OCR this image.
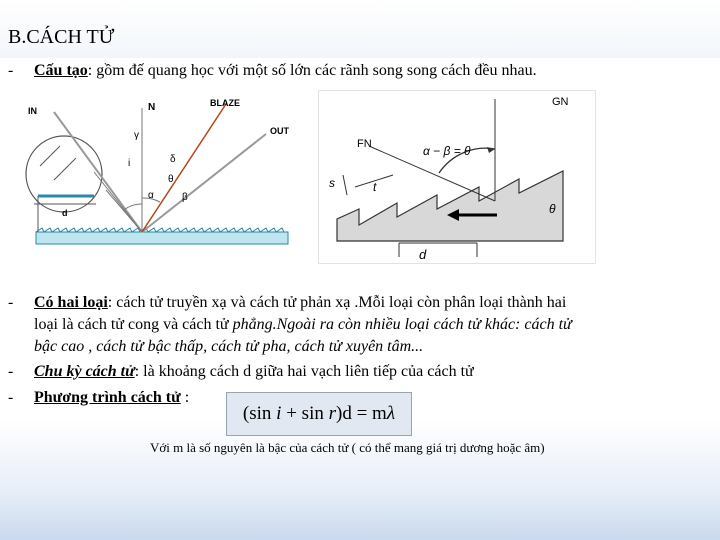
B.CÁCH TỬ
-	Cấu tạo: gồm đế quang học với một số lớn các rãnh song song cách đều nhau.
d
IN	N	BLAZE
OUT
γ
i	δ
θ
α	β
GN
FN	α − β = θ
s	t
θ
d
-	Có hai loại: cách tử truyền xạ và cách tử phản xạ .Mỗi loại còn phân loại thành hai
loại là cách tử cong và cách tử phẳng.Ngoài ra còn nhiều loại cách tử khác: cách tử
bậc cao , cách tử bậc thấp, cách tử pha, cách tử xuyên tâm...
-	Chu kỳ cách tử: là khoảng cách d giữa hai vạch liên tiếp của cách tử
-	Phương trình cách tử :
(sin
i
+ sin
r )d = m λ
Với m là số nguyên là bậc của cách tử ( có thể mang giá trị dương hoặc âm)
